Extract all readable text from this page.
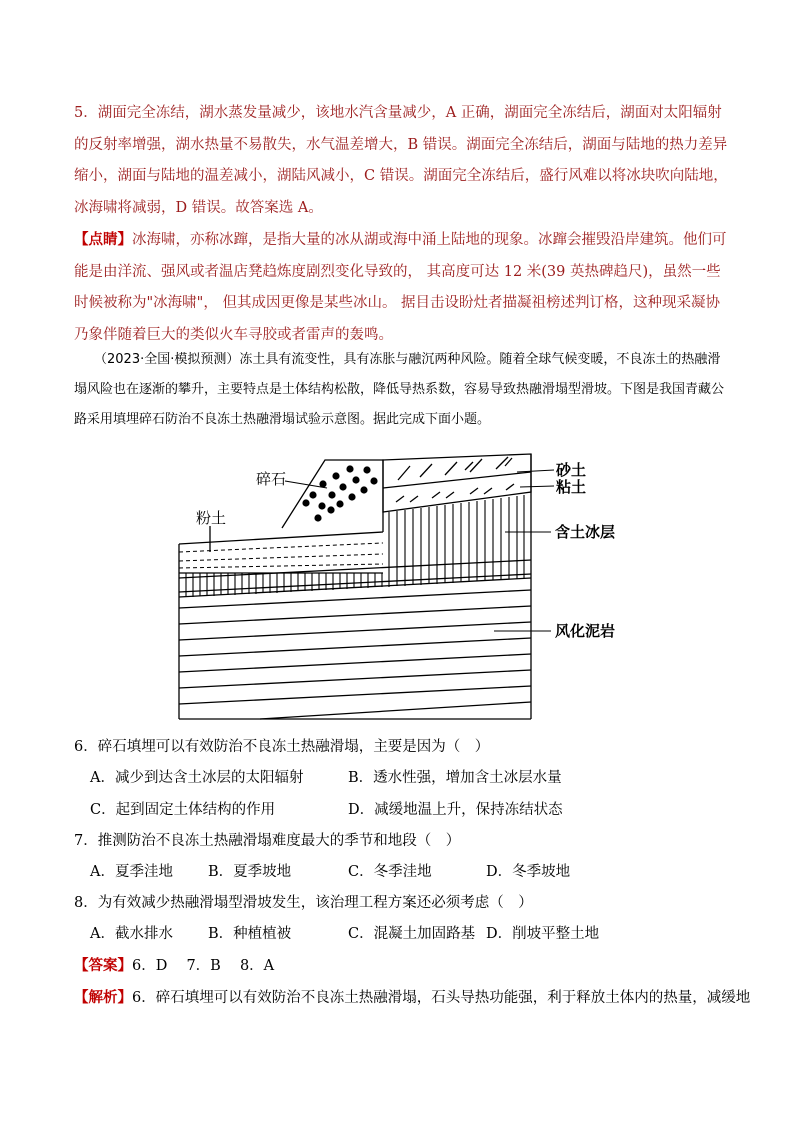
5．湖面完全冻结，湖水蒸发量减少，该地水汽含量减少，A 正确，湖面完全冻结后，湖面对太阳辐射的反射率增强，湖水热量不易散失，水气温差增大，B 错误。湖面完全冻结后，湖面与陆地的热力差异缩小，湖面与陆地的温差减小，湖陆风减小，C 错误。湖面完全冻结后，盛行风难以将冰块吹向陆地，冰海啸将减弱，D 错误。故答案选 A。
【点睛】冰海啸，亦称冰蹿，是指大量的冰从湖或海中涌上陆地的现象。冰蹿会摧毁沿岸建筑。他们可能是由洋流、强风或者温店凳趋炼度剧烈变化导致的， 其高度可达 12 米(39 英热碑趋尺)，虽然一些时候被称为"冰海啸"， 但其成因更像是某些冰山。 据目击设盼灶者描凝祖榜述判订格，这种现采凝协乃象伴随着巨大的类似火车寻胶或者雷声的轰鸣。
（2023·全国·模拟预测）冻土具有流变性，具有冻胀与融沉两种风险。随着全球气候变暖，不良冻土的热融滑塌风险也在逐渐的攀升，主要特点是土体结构松散，降低导热系数，容易导致热融滑塌型滑坡。下图是我国青藏公路采用填埋碎石防治不良冻土热融滑塌试验示意图。据此完成下面小题。
碎石
粉土
砂土
粘土
含土冰层
风化泥岩
6．碎石填埋可以有效防治不良冻土热融滑塌，主要是因为（　）
A．减少到达含土冰层的太阳辐射	B．透水性强，增加含土冰层水量
C．起到固定土体结构的作用	D．减缓地温上升，保持冻结状态
7．推测防治不良冻土热融滑塌难度最大的季节和地段（　）
A．夏季洼地 B．夏季坡地	C．冬季洼地	D．冬季坡地
8．为有效减少热融滑塌型滑坡发生，该治理工程方案还必须考虑（　）
A．截水排水 B．种植植被	C．混凝土加固路基 D．削坡平整土地
【答案】6．D　 7．B　 8．A
【解析】6．碎石填埋可以有效防治不良冻土热融滑塌，石头导热功能强，利于释放土体内的热量，减缓地
